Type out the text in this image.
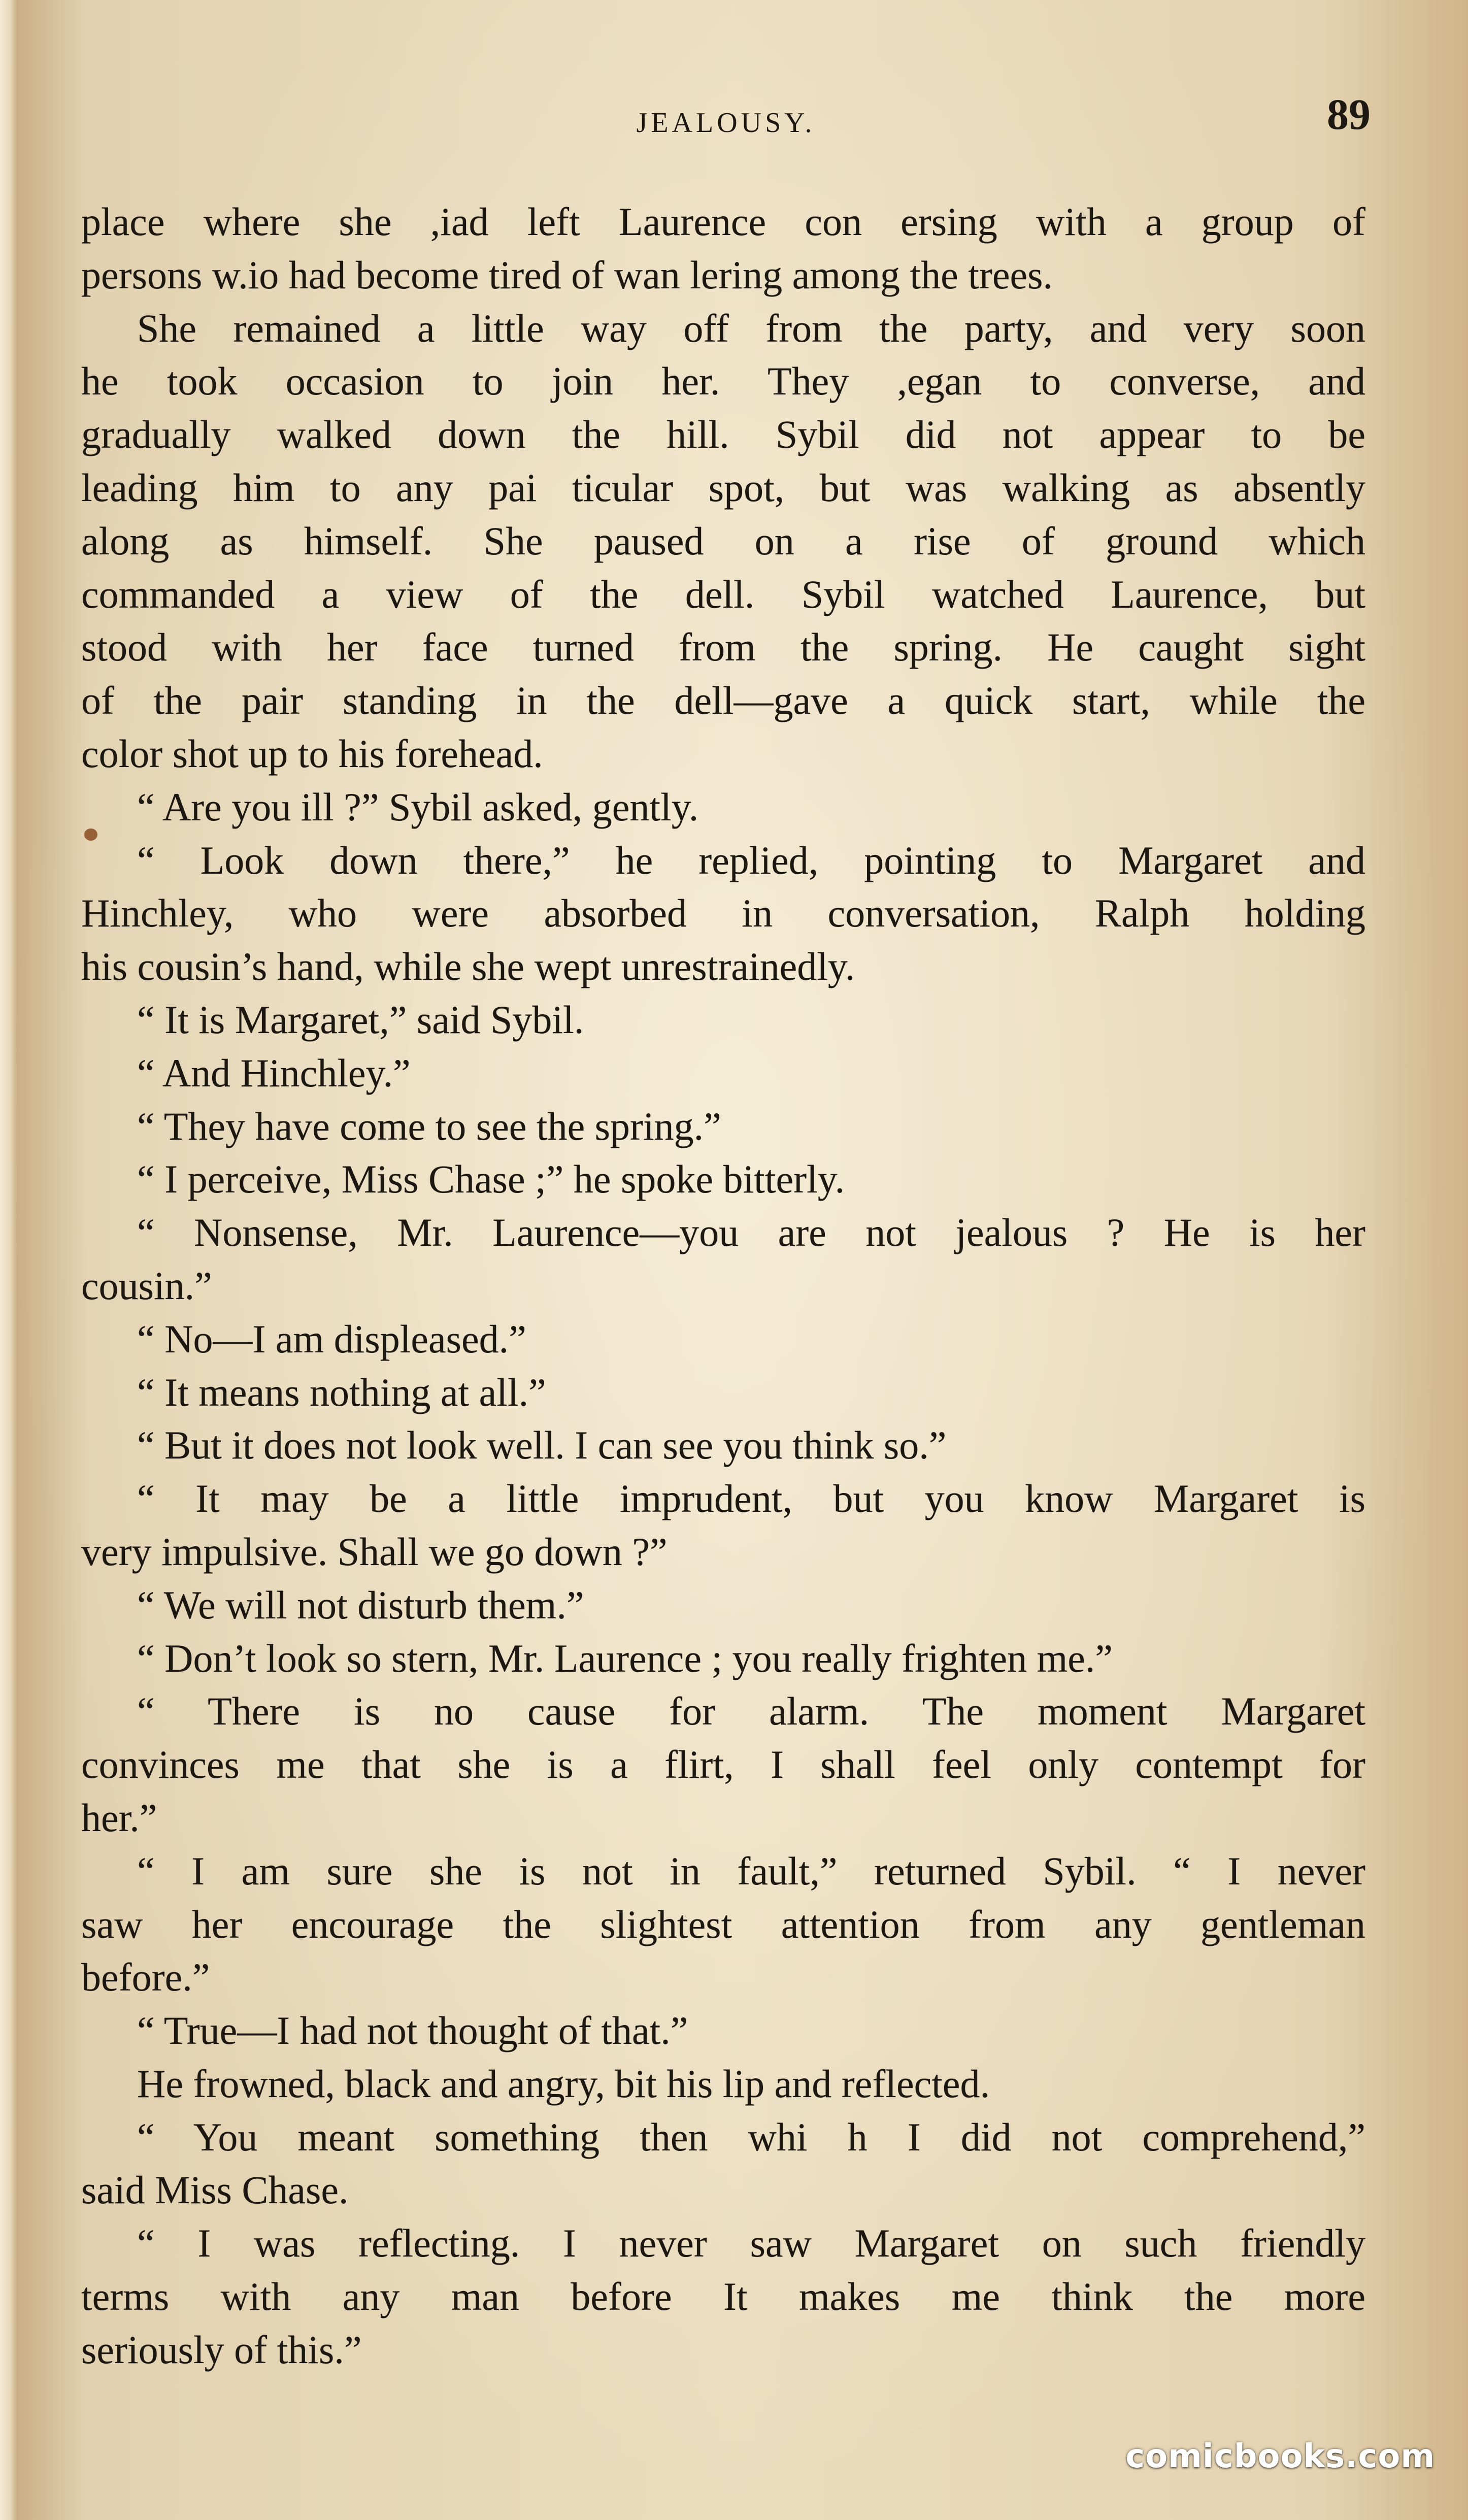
JEALOUSY.	89
place where she ,iad left Laurence con ersing with a group of
persons w.io had become tired of wan lering among the trees.
She remained a little way off from the party, and very soon
he took occasion to join her. They ,egan to converse, and
gradually walked down the hill. Sybil did not appear to be
leading him to any pai ticular spot, but was walking as absently
along as himself. She paused on a rise of ground which
commanded a view of the dell. Sybil watched Laurence, but
stood with her face turned from the spring. He caught sight
of the pair standing in the dell—gave a quick start, while the
color shot up to his forehead.
“ Are you ill ?” Sybil asked, gently.
“ Look down there,” he replied, pointing to Margaret and
Hinchley, who were absorbed in conversation, Ralph holding
his cousin’s hand, while she wept unrestrainedly.
“ It is Margaret,” said Sybil.
“ And Hinchley.”
“ They have come to see the spring.”
“ I perceive, Miss Chase ;” he spoke bitterly.
“ Nonsense, Mr. Laurence—you are not jealous ? He is her
cousin.”
“ No—I am displeased.”
“ It means nothing at all.”
“ But it does not look well. I can see you think so.”
“ It may be a little imprudent, but you know Margaret is
very impulsive. Shall we go down ?”
“ We will not disturb them.”
“ Don’t look so stern, Mr. Laurence ; you really frighten me.”
“ There is no cause for alarm. The moment Margaret
convinces me that she is a flirt, I shall feel only contempt for
her.”
“ I am sure she is not in fault,” returned Sybil. “ I never
saw her encourage the slightest attention from any gentleman
before.”
“ True—I had not thought of that.”
He frowned, black and angry, bit his lip and reflected.
“ You meant something then whi h I did not comprehend,”
said Miss Chase.
“ I was reflecting. I never saw Margaret on such friendly
terms with any man before It makes me think the more
seriously of this.”
comicbooks.com
